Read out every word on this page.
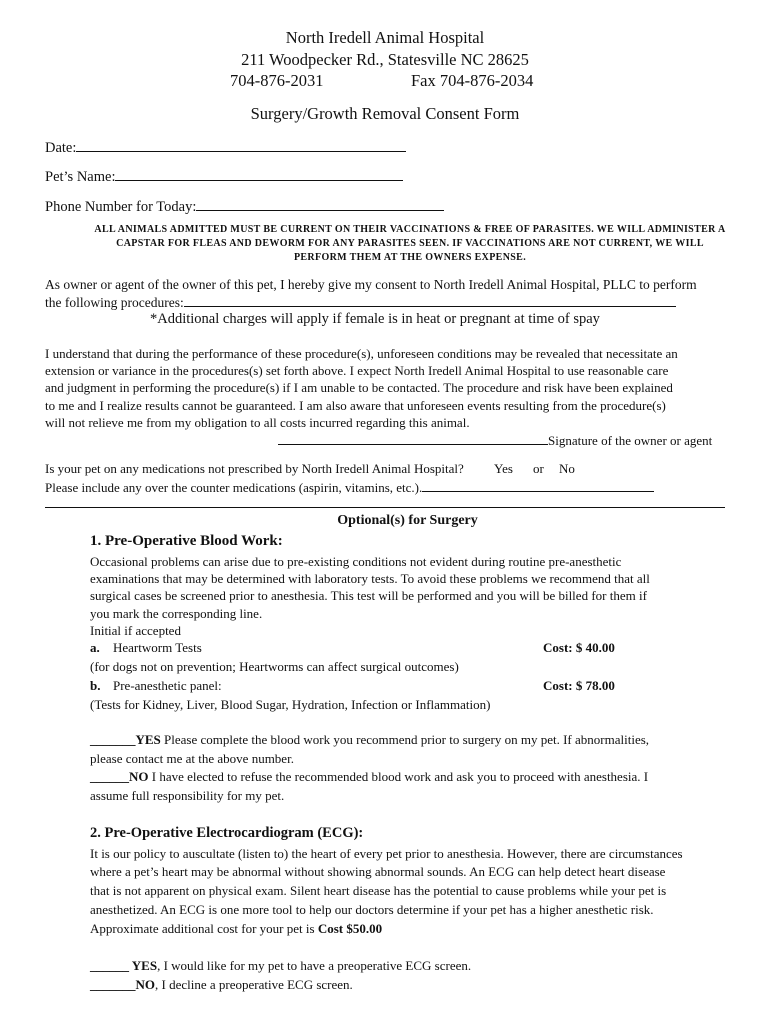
North Iredell Animal Hospital
211 Woodpecker Rd., Statesville NC 28625
704-876-2031	Fax 704-876-2034
Surgery/Growth Removal Consent Form
Date:
Pet’s Name:
Phone Number for Today:
ALL ANIMALS ADMITTED MUST BE CURRENT ON THEIR VACCINATIONS & FREE OF PARASITES. WE WILL ADMINISTER A CAPSTAR FOR FLEAS AND DEWORM FOR ANY PARASITES SEEN. IF VACCINATIONS ARE NOT CURRENT, WE WILL PERFORM THEM AT THE OWNERS EXPENSE.
As owner or agent of the owner of this pet, I hereby give my consent to North Iredell Animal Hospital, PLLC to perform
the following procedures:
*Additional charges will apply if female is in heat or pregnant at time of spay
I understand that during the performance of these procedure(s), unforeseen conditions may be revealed that necessitate an
extension or variance in the procedures(s) set forth above. I expect North Iredell Animal Hospital to use reasonable care
and judgment in performing the procedure(s) if I am unable to be contacted. The procedure and risk have been explained
to me and I realize results cannot be guaranteed. I am also aware that unforeseen events resulting from the procedure(s)
will not relieve me from my obligation to all costs incurred regarding this animal.
Signature of the owner or agent
Is your pet on any medications not prescribed by North Iredell Animal Hospital? Yes or No
Please include any over the counter medications (aspirin, vitamins, etc.).
Optional(s) for Surgery
1. Pre-Operative Blood Work:
Occasional problems can arise due to pre-existing conditions not evident during routine pre-anesthetic
examinations that may be determined with laboratory tests. To avoid these problems we recommend that all
surgical cases be screened prior to anesthesia. This test will be performed and you will be billed for them if
you mark the corresponding line.
Initial if accepted
a. Heartworm Tests	Cost: $ 40.00
(for dogs not on prevention; Heartworms can affect surgical outcomes)
b. Pre-anesthetic panel:	Cost: $ 78.00
(Tests for Kidney, Liver, Blood Sugar, Hydration, Infection or Inflammation)
_______YES Please complete the blood work you recommend prior to surgery on my pet. If abnormalities,
please contact me at the above number.
______NO I have elected to refuse the recommended blood work and ask you to proceed with anesthesia. I
assume full responsibility for my pet.
2. Pre-Operative Electrocardiogram (ECG):
It is our policy to auscultate (listen to) the heart of every pet prior to anesthesia. However, there are circumstances
where a pet’s heart may be abnormal without showing abnormal sounds. An ECG can help detect heart disease
that is not apparent on physical exam. Silent heart disease has the potential to cause problems while your pet is
anesthetized. An ECG is one more tool to help our doctors determine if your pet has a higher anesthetic risk.
Approximate additional cost for your pet is Cost $50.00
______ YES, I would like for my pet to have a preoperative ECG screen.
_______NO, I decline a preoperative ECG screen.
